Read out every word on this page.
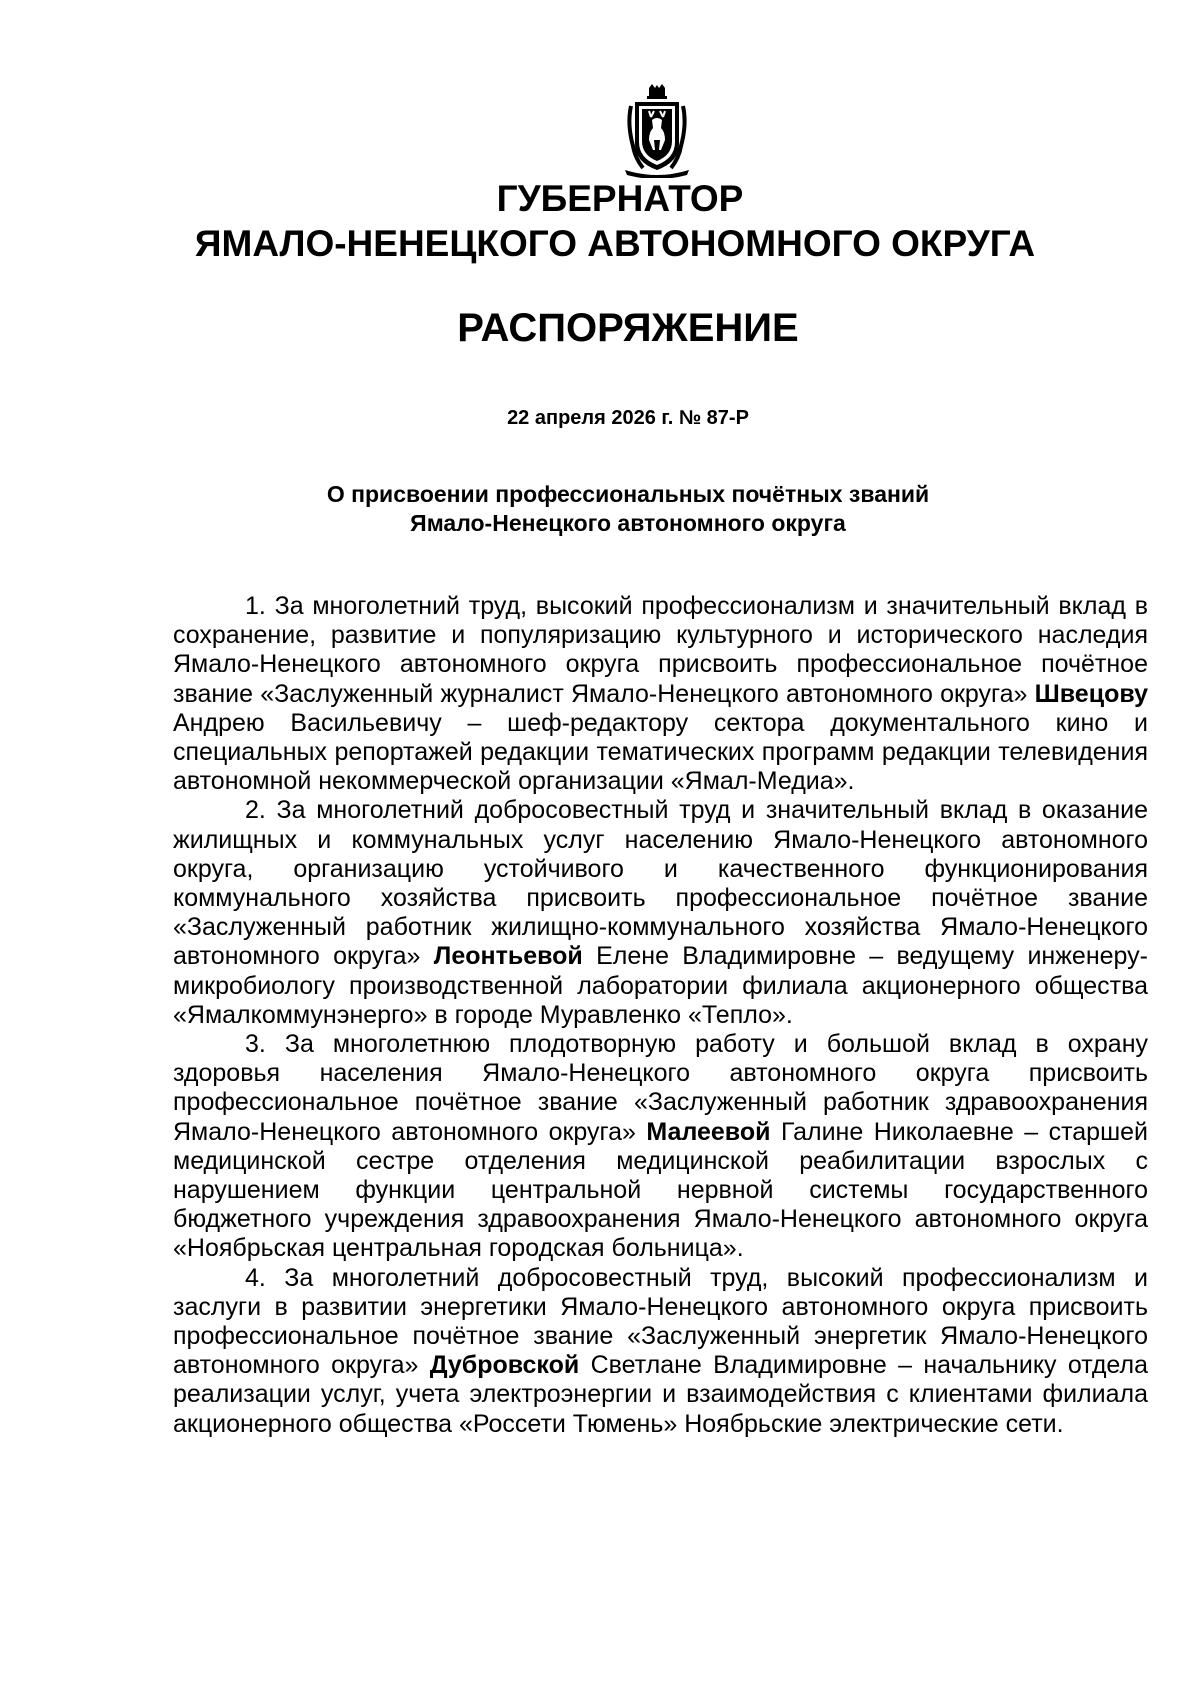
ГУБЕРНАТОР
ЯМАЛО-НЕНЕЦКОГО АВТОНОМНОГО ОКРУГА
РАСПОРЯЖЕНИЕ
22 апреля 2026 г. № 87-Р
О присвоении профессиональных почётных званий
Ямало-Ненецкого автономного округа

1. За многолетний труд, высокий профессионализм и значительный вклад в сохранение, развитие и популяризацию культурного и исторического наследия Ямало-Ненецкого автономного округа присвоить профессиональное почётное звание «Заслуженный журналист Ямало-Ненецкого автономного округа» Швецову Андрею Васильевичу – шеф-редактору сектора документального кино и специальных репортажей редакции тематических программ редакции телевидения автономной некоммерческой организации «Ямал-Медиа».

2. За многолетний добросовестный труд и значительный вклад в оказание жилищных и коммунальных услуг населению Ямало-Ненецкого автономного округа, организацию устойчивого и качественного функционирования коммунального хозяйства присвоить профессиональное почётное звание «Заслуженный работник жилищно-коммунального хозяйства Ямало-Ненецкого автономного округа» Леонтьевой Елене Владимировне – ведущему инженеру-микробиологу производственной лаборатории филиала акционерного общества «Ямалкоммунэнерго» в городе Муравленко «Тепло».

3. За многолетнюю плодотворную работу и большой вклад в охрану здоровья населения Ямало-Ненецкого автономного округа присвоить профессиональное почётное звание «Заслуженный работник здравоохранения Ямало-Ненецкого автономного округа» Малеевой Галине Николаевне – старшей медицинской сестре отделения медицинской реабилитации взрослых с нарушением функции центральной нервной системы государственного бюджетного учреждения здравоохранения Ямало-Ненецкого автономного округа «Ноябрьская центральная городская больница».

4. За многолетний добросовестный труд, высокий профессионализм и заслуги в развитии энергетики Ямало-Ненецкого автономного округа присвоить профессиональное почётное звание «Заслуженный энергетик Ямало-Ненецкого автономного округа» Дубровской Светлане Владимировне – начальнику отдела реализации услуг, учета электроэнергии и взаимодействия с клиентами филиала акционерного общества «Россети Тюмень» Ноябрьские электрические сети.
